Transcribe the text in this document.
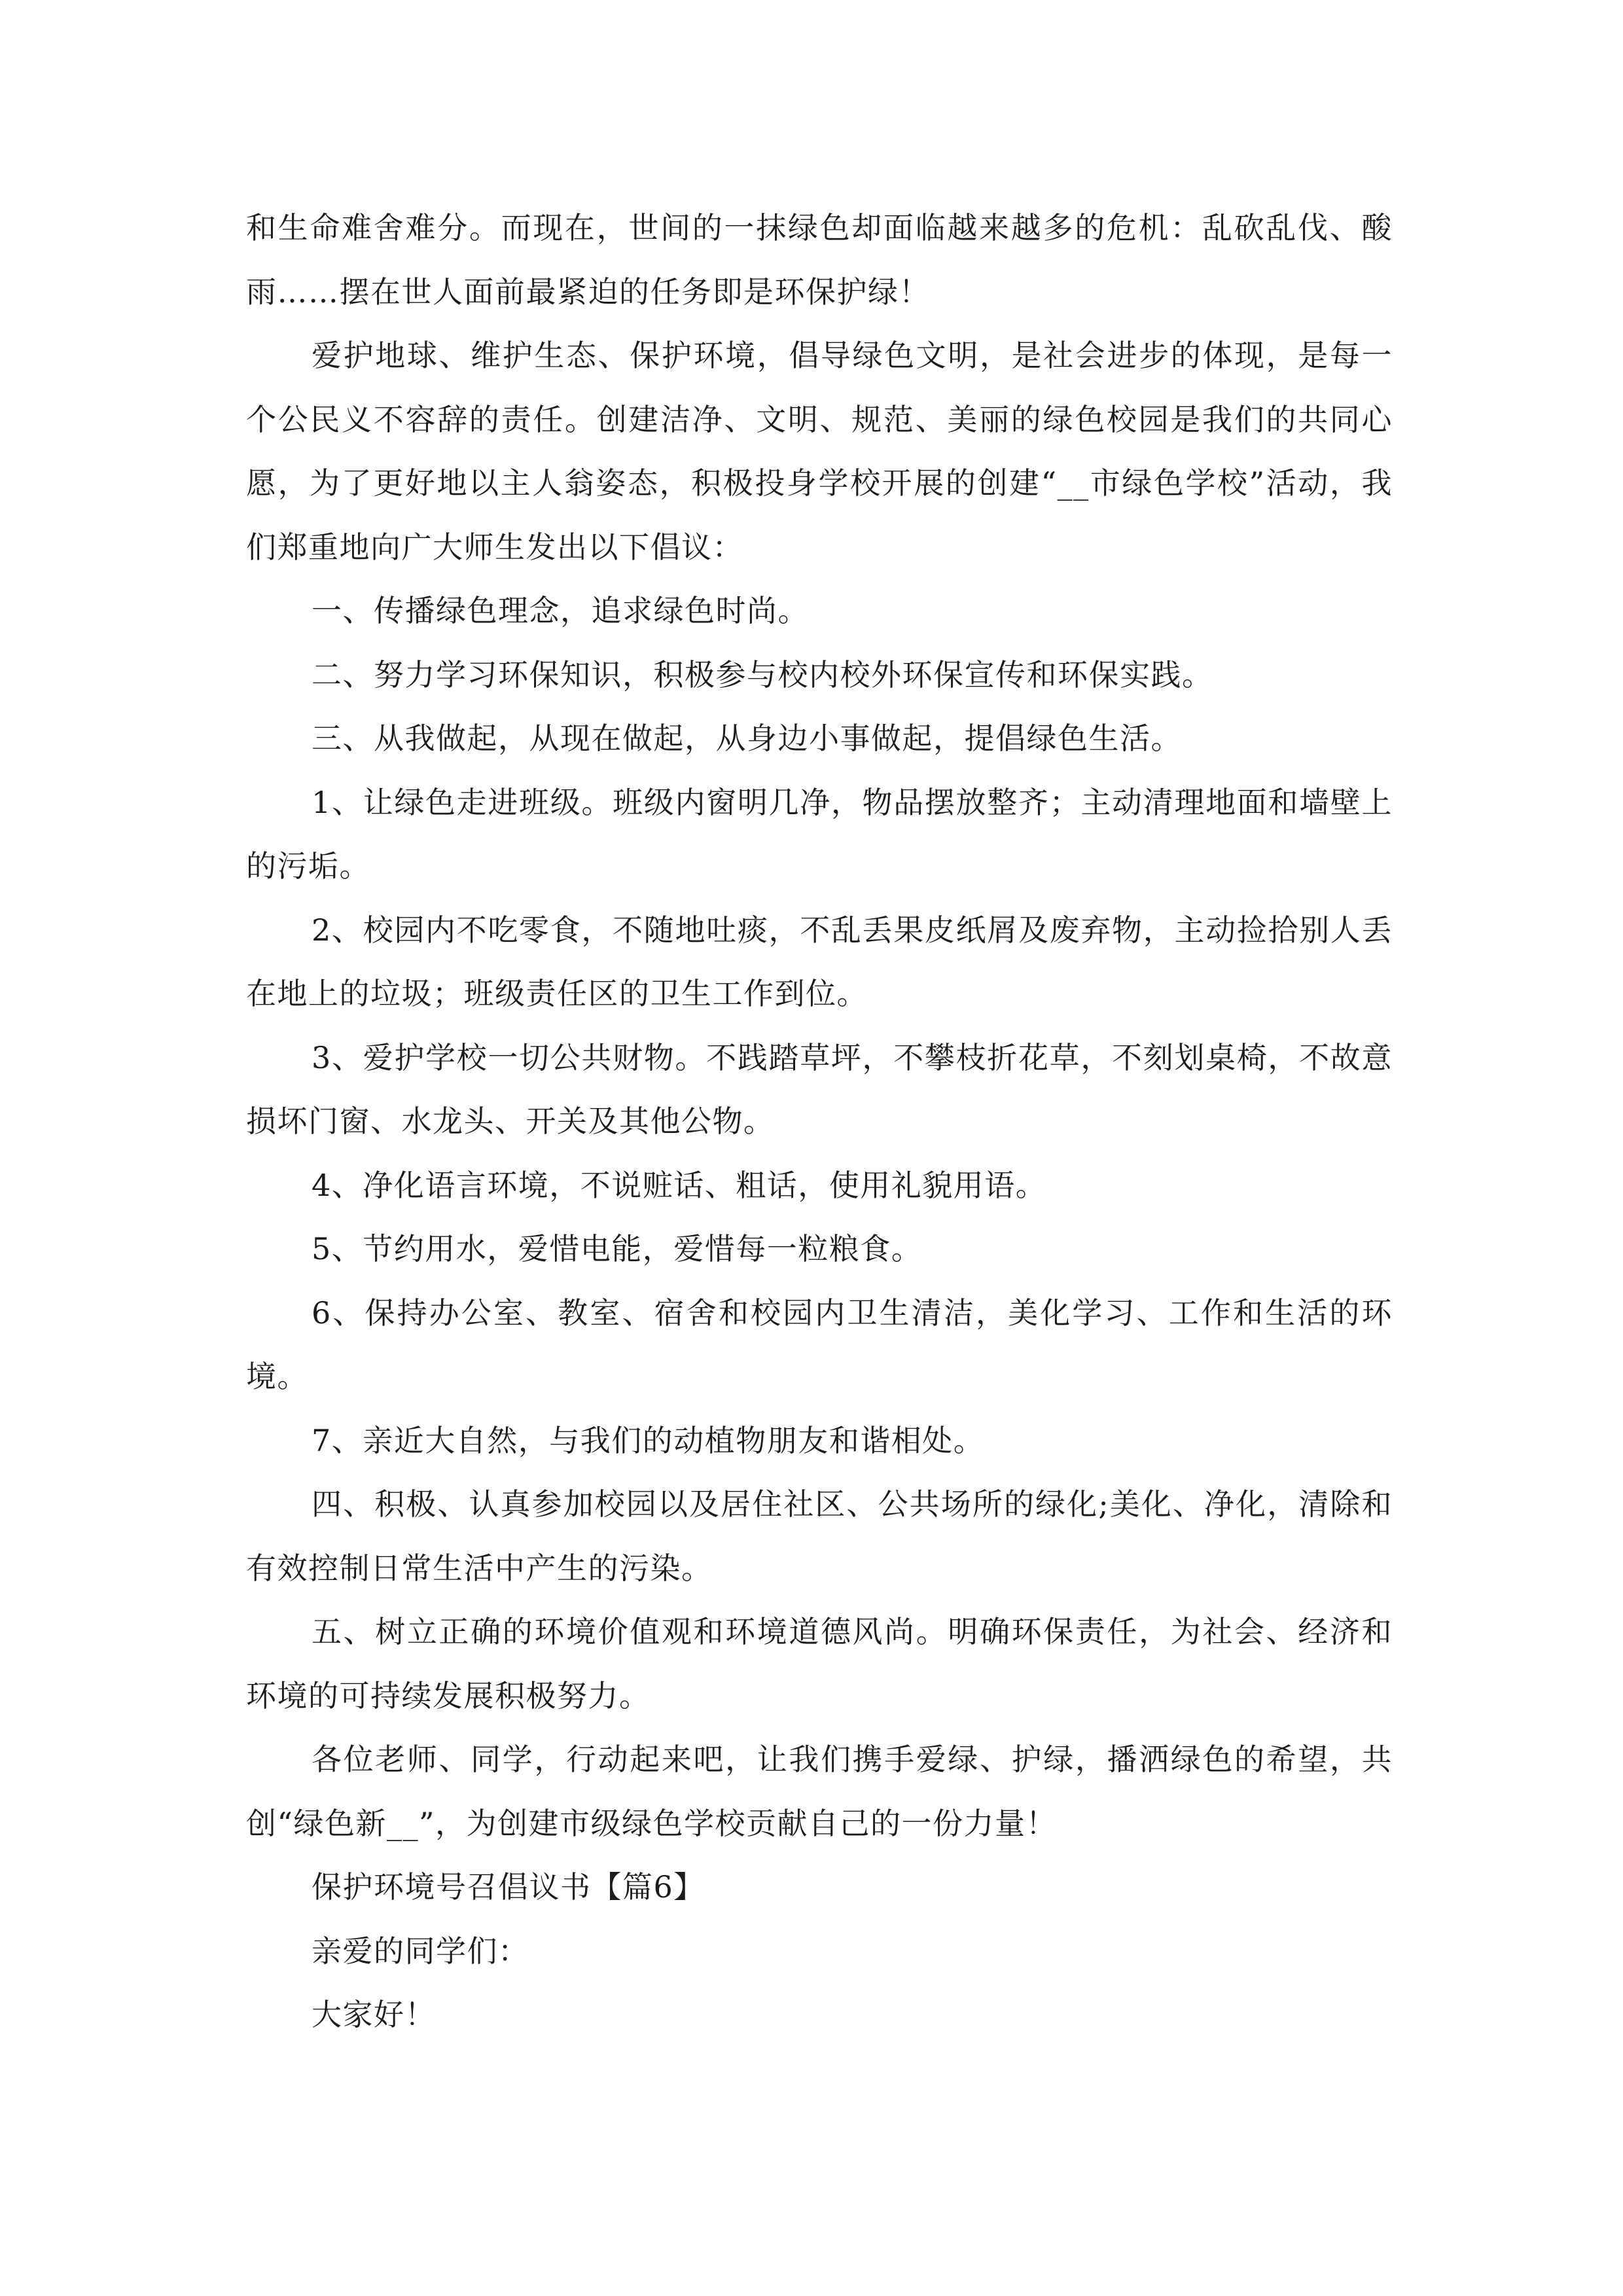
和生命难舍难分。而现在，世间的一抹绿色却面临越来越多的危机：乱砍乱伐、酸雨……摆在世人面前最紧迫的任务即是环保护绿！

爱护地球、维护生态、保护环境，倡导绿色文明，是社会进步的体现，是每一个公民义不容辞的责任。创建洁净、文明、规范、美丽的绿色校园是我们的共同心愿，为了更好地以主人翁姿态，积极投身学校开展的创建“__市绿色学校”活动，我们郑重地向广大师生发出以下倡议：

一、传播绿色理念，追求绿色时尚。

二、努力学习环保知识，积极参与校内校外环保宣传和环保实践。

三、从我做起，从现在做起，从身边小事做起，提倡绿色生活。

1、让绿色走进班级。班级内窗明几净，物品摆放整齐；主动清理地面和墙壁上的污垢。

2、校园内不吃零食，不随地吐痰，不乱丢果皮纸屑及废弃物，主动捡拾别人丢在地上的垃圾；班级责任区的卫生工作到位。

3、爱护学校一切公共财物。不践踏草坪，不攀枝折花草，不刻划桌椅，不故意损坏门窗、水龙头、开关及其他公物。

4、净化语言环境，不说赃话、粗话，使用礼貌用语。

5、节约用水，爱惜电能，爱惜每一粒粮食。

6、保持办公室、教室、宿舍和校园内卫生清洁，美化学习、工作和生活的环境。

7、亲近大自然，与我们的动植物朋友和谐相处。

四、积极、认真参加校园以及居住社区、公共场所的绿化;美化、净化，清除和有效控制日常生活中产生的污染。

五、树立正确的环境价值观和环境道德风尚。明确环保责任，为社会、经济和环境的可持续发展积极努力。

各位老师、同学，行动起来吧，让我们携手爱绿、护绿，播洒绿色的希望，共创“绿色新__”，为创建市级绿色学校贡献自己的一份力量！

保护环境号召倡议书【篇6】

亲爱的同学们：

大家好！
